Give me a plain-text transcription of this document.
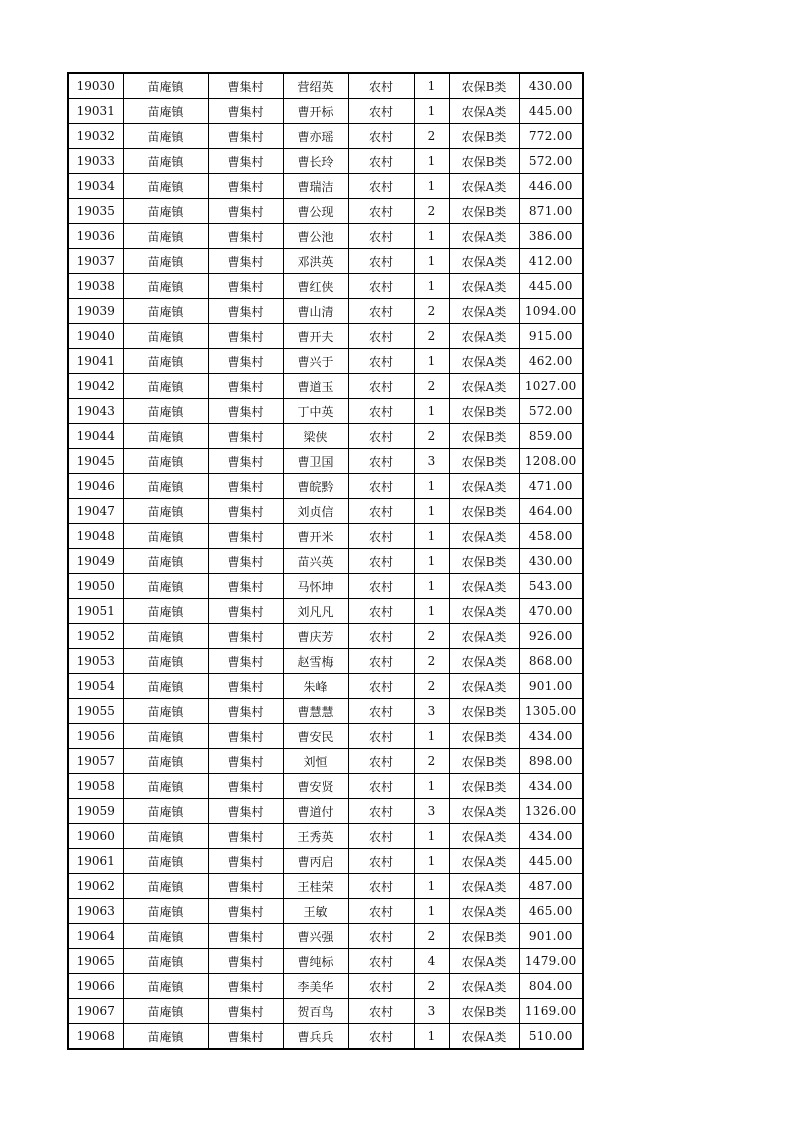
19030	苗庵镇	曹集村	营绍英	农村	1	农保B类	430.00
19031	苗庵镇	曹集村	曹开标	农村	1	农保A类	445.00
19032	苗庵镇	曹集村	曹亦瑶	农村	2	农保B类	772.00
19033	苗庵镇	曹集村	曹长玲	农村	1	农保B类	572.00
19034	苗庵镇	曹集村	曹瑞洁	农村	1	农保A类	446.00
19035	苗庵镇	曹集村	曹公现	农村	2	农保B类	871.00
19036	苗庵镇	曹集村	曹公池	农村	1	农保A类	386.00
19037	苗庵镇	曹集村	邓洪英	农村	1	农保A类	412.00
19038	苗庵镇	曹集村	曹红侠	农村	1	农保A类	445.00
19039	苗庵镇	曹集村	曹山清	农村	2	农保A类	1094.00
19040	苗庵镇	曹集村	曹开夫	农村	2	农保A类	915.00
19041	苗庵镇	曹集村	曹兴于	农村	1	农保A类	462.00
19042	苗庵镇	曹集村	曹道玉	农村	2	农保A类	1027.00
19043	苗庵镇	曹集村	丁中英	农村	1	农保B类	572.00
19044	苗庵镇	曹集村	梁侠	农村	2	农保B类	859.00
19045	苗庵镇	曹集村	曹卫国	农村	3	农保B类	1208.00
19046	苗庵镇	曹集村	曹皖黔	农村	1	农保A类	471.00
19047	苗庵镇	曹集村	刘贞信	农村	1	农保B类	464.00
19048	苗庵镇	曹集村	曹开米	农村	1	农保A类	458.00
19049	苗庵镇	曹集村	苗兴英	农村	1	农保B类	430.00
19050	苗庵镇	曹集村	马怀坤	农村	1	农保A类	543.00
19051	苗庵镇	曹集村	刘凡凡	农村	1	农保A类	470.00
19052	苗庵镇	曹集村	曹庆芳	农村	2	农保A类	926.00
19053	苗庵镇	曹集村	赵雪梅	农村	2	农保A类	868.00
19054	苗庵镇	曹集村	朱峰	农村	2	农保A类	901.00
19055	苗庵镇	曹集村	曹慧慧	农村	3	农保B类	1305.00
19056	苗庵镇	曹集村	曹安民	农村	1	农保B类	434.00
19057	苗庵镇	曹集村	刘恒	农村	2	农保B类	898.00
19058	苗庵镇	曹集村	曹安贤	农村	1	农保B类	434.00
19059	苗庵镇	曹集村	曹道付	农村	3	农保A类	1326.00
19060	苗庵镇	曹集村	王秀英	农村	1	农保A类	434.00
19061	苗庵镇	曹集村	曹丙启	农村	1	农保A类	445.00
19062	苗庵镇	曹集村	王桂荣	农村	1	农保A类	487.00
19063	苗庵镇	曹集村	王敏	农村	1	农保A类	465.00
19064	苗庵镇	曹集村	曹兴强	农村	2	农保B类	901.00
19065	苗庵镇	曹集村	曹纯标	农村	4	农保A类	1479.00
19066	苗庵镇	曹集村	李美华	农村	2	农保A类	804.00
19067	苗庵镇	曹集村	贺百鸟	农村	3	农保B类	1169.00
19068	苗庵镇	曹集村	曹兵兵	农村	1	农保A类	510.00
